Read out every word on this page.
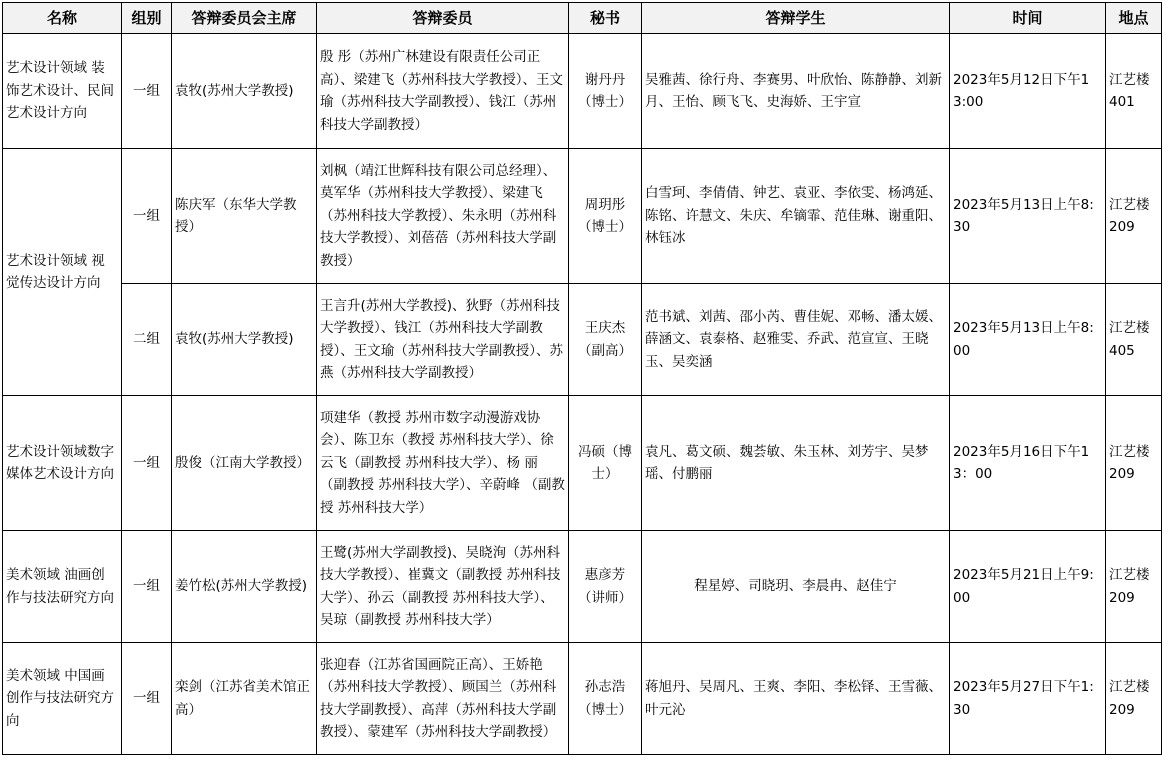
名称	组别	答辩委员会主席	答辩委员	秘书	答辩学生	时间	地点
艺术设计领域 装饰艺术设计、民间艺术设计方向	一组	袁牧(苏州大学教授)	殷 彤（苏州广林建设有限责任公司正高）、梁建飞（苏州科技大学教授）、王文瑜（苏州科技大学副教授）、钱江（苏州科技大学副教授）	谢丹丹（博士）	吴雅茜、徐行舟、李赛男、叶欣怡、陈静静、刘新月、王怡、顾飞飞、史海娇、王宇宣	2023年5月12日下午13:00	江艺楼401
艺术设计领域 视觉传达设计方向	一组	陈庆军（东华大学教授）	刘枫（靖江世辉科技有限公司总经理）、莫军华（苏州科技大学教授）、梁建飞（苏州科技大学教授）、朱永明（苏州科技大学教授）、刘蓓蓓（苏州科技大学副教授）	周玥彤（博士）	白雪珂、李倩倩、钟艺、袁亚、李依雯、杨鸿延、陈铭、许慧文、朱庆、牟镝霏、范佳琳、谢重阳、林钰冰	2023年5月13日上午8:30	江艺楼209
	二组	袁牧(苏州大学教授)	王言升(苏州大学教授)、狄野（苏州科技大学教授）、钱江（苏州科技大学副教授）、王文瑜（苏州科技大学副教授）、苏燕（苏州科技大学副教授）	王庆杰（副高）	范书斌、刘茜、邵小芮、曹佳妮、邓畅、潘太媛、薛涵文、袁泰格、赵雅雯、乔武、范宣宣、王晓玉、吴奕涵	2023年5月13日上午8:00	江艺楼405
艺术设计领域数字媒体艺术设计方向	一组	殷俊（江南大学教授）	项建华（教授 苏州市数字动漫游戏协会）、陈卫东（教授 苏州科技大学）、徐云飞（副教授 苏州科技大学）、杨 丽 （副教授 苏州科技大学）、辛蔚峰 （副教授 苏州科技大学）	冯硕（博士）	袁凡、葛文硕、魏荟敏、朱玉林、刘芳宇、吴梦瑶、付鹏丽	2023年5月16日下午13：00	江艺楼209
美术领域 油画创作与技法研究方向	一组	姜竹松(苏州大学教授)	王鹭(苏州大学副教授)、吴晓洵（苏州科技大学教授）、崔冀文（副教授 苏州科技大学）、孙云（副教授 苏州科技大学）、吴琼（副教授 苏州科技大学）	惠彦芳（讲师）	程星婷、司晓玥、李晨冉、赵佳宁	2023年5月21日上午9:00	江艺楼209
美术领域 中国画创作与技法研究方向	一组	栾剑（江苏省美术馆正高）	张迎春（江苏省国画院正高）、王娇艳（苏州科技大学教授）、顾国兰（苏州科技大学副教授）、高萍（苏州科技大学副教授）、蒙建军（苏州科技大学副教授）	孙志浩（博士）	蒋旭丹、吴周凡、王爽、李阳、李松铎、王雪薇、叶元沁	2023年5月27日下午1:30	江艺楼209
